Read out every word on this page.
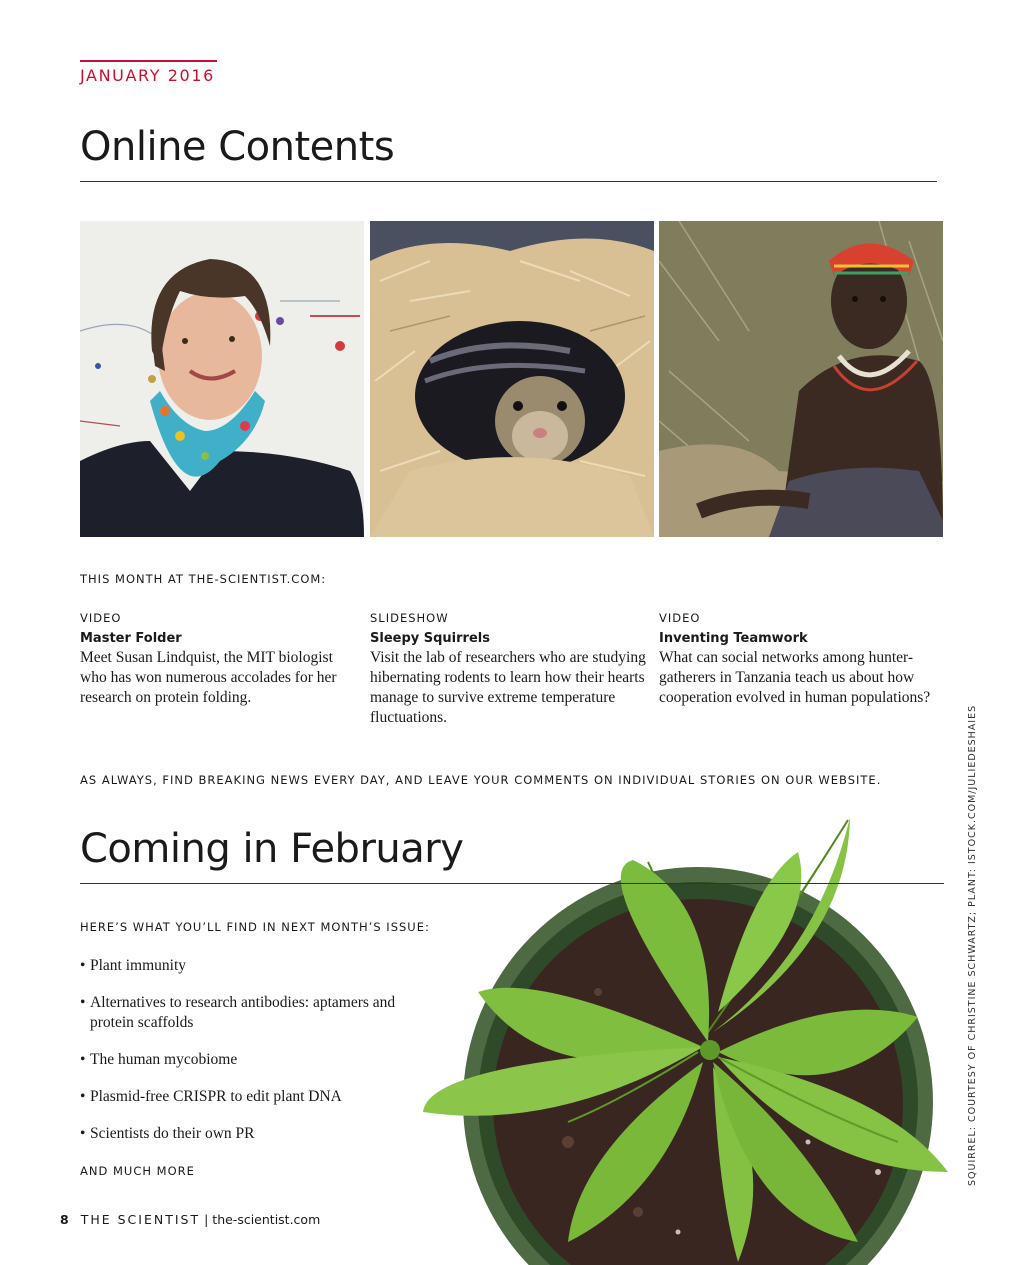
JANUARY 2016
Online Contents
THIS MONTH AT THE-SCIENTIST.COM:
VIDEO
Master Folder
Meet Susan Lindquist, the MIT biologist who has won numerous accolades for her research on protein folding.
SLIDESHOW
Sleepy Squirrels
Visit the lab of researchers who are studying hibernating rodents to learn how their hearts manage to survive extreme temperature fluctuations.
VIDEO
Inventing Teamwork
What can social networks among hunter-gatherers in Tanzania teach us about how cooperation evolved in human populations?
AS ALWAYS, FIND BREAKING NEWS EVERY DAY, AND LEAVE YOUR COMMENTS ON INDIVIDUAL STORIES ON OUR WEBSITE.
Coming in February
HERE’S WHAT YOU’LL FIND IN NEXT MONTH’S ISSUE:
• Plant immunity
• Alternatives to research antibodies: aptamers and protein scaffolds
• The human mycobiome
• Plasmid-free CRISPR to edit plant DNA
• Scientists do their own PR
AND MUCH MORE	SQUIRREL: COURTESY OF CHRISTINE SCHWARTZ; PLANT: ISTOCK.COM/JULIEDESHAIES
8 THE SCIENTIST | the-scientist.com
